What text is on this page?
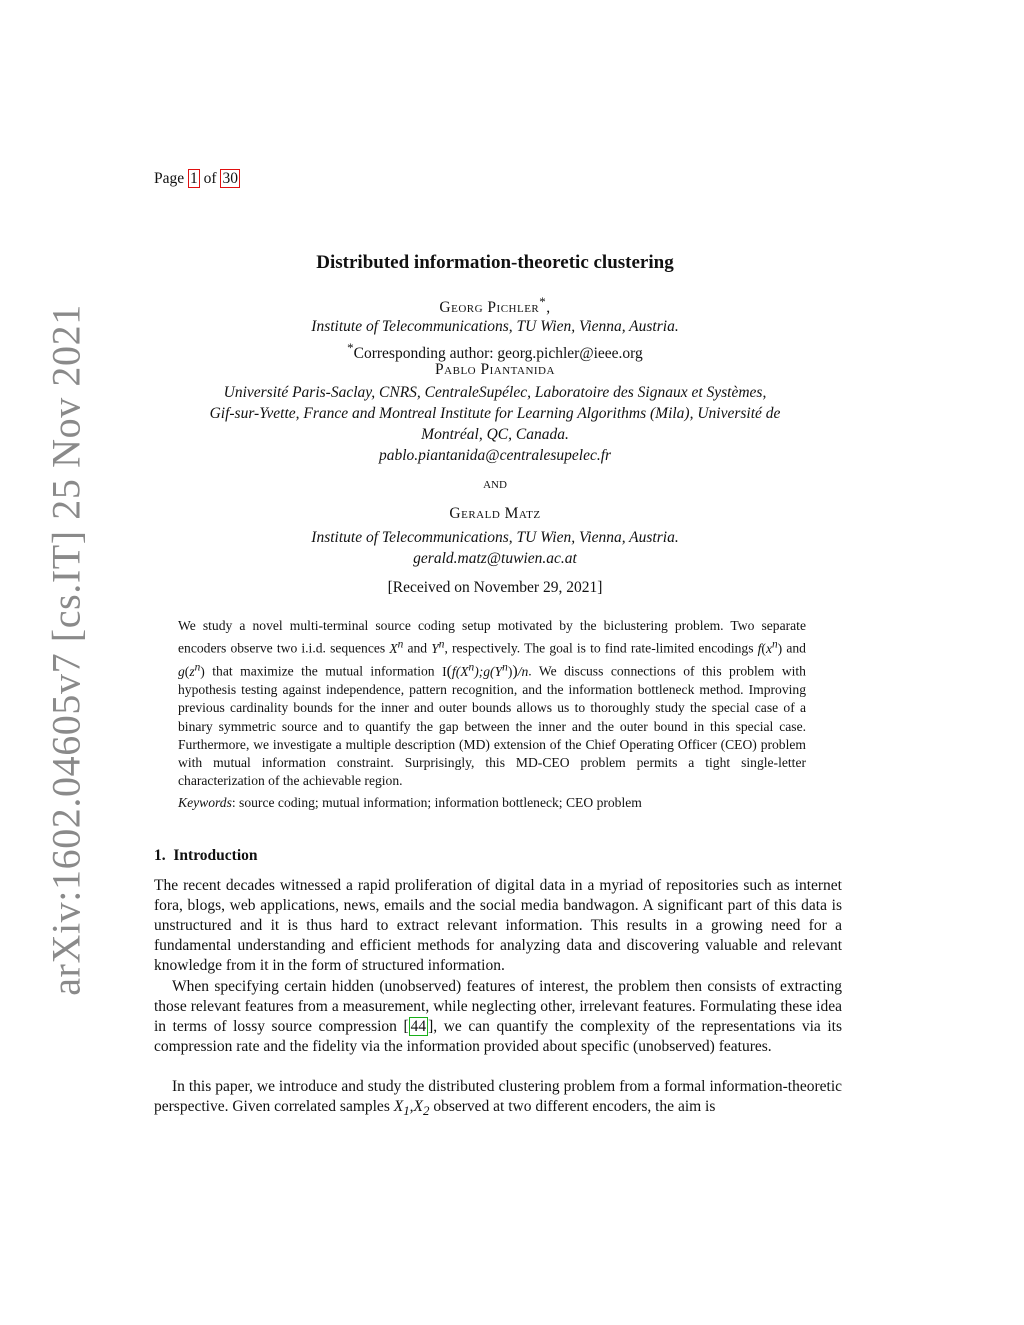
Page 1 of 30
arXiv:1602.04605v7 [cs.IT] 25 Nov 2021
Distributed information-theoretic clustering
Georg Pichler*,
Institute of Telecommunications, TU Wien, Vienna, Austria.
*Corresponding author: georg.pichler@ieee.org
Pablo Piantanida
Université Paris-Saclay, CNRS, CentraleSupélec, Laboratoire des Signaux et Systèmes,
Gif-sur-Yvette, France and Montreal Institute for Learning Algorithms (Mila), Université de
Montréal, QC, Canada.
pablo.piantanida@centralesupelec.fr
and
Gerald Matz
Institute of Telecommunications, TU Wien, Vienna, Austria.
gerald.matz@tuwien.ac.at
[Received on November 29, 2021]
We study a novel multi-terminal source coding setup motivated by the biclustering problem. Two separate encoders observe two i.i.d. sequences $X^n$ and $Y^n$, respectively. The goal is to find rate-limited encodings $f(x^n)$ and $g(z^n)$ that maximize the mutual information $I(f(X^n);g(Y^n))/n$. We discuss connections of this problem with hypothesis testing against independence, pattern recognition, and the information bottleneck method. Improving previous cardinality bounds for the inner and outer bounds allows us to thoroughly study the special case of a binary symmetric source and to quantify the gap between the inner and the outer bound in this special case. Furthermore, we investigate a multiple description (MD) extension of the Chief Operating Officer (CEO) problem with mutual information constraint. Surprisingly, this MD-CEO problem permits a tight single-letter characterization of the achievable region.
Keywords: source coding; mutual information; information bottleneck; CEO problem
1. Introduction
The recent decades witnessed a rapid proliferation of digital data in a myriad of repositories such as internet fora, blogs, web applications, news, emails and the social media bandwagon. A significant part of this data is unstructured and it is thus hard to extract relevant information. This results in a growing need for a fundamental understanding and efficient methods for analyzing data and discovering valuable and relevant knowledge from it in the form of structured information.
When specifying certain hidden (unobserved) features of interest, the problem then consists of extracting those relevant features from a measurement, while neglecting other, irrelevant features. Formulating these idea in terms of lossy source compression [ 44 ], we can quantify the complexity of the representations via its compression rate and the fidelity via the information provided about specific (unobserved) features.
In this paper, we introduce and study the distributed clustering problem from a formal information-theoretic perspective. Given correlated samples $X_1,X_2$ observed at two different encoders, the aim is
